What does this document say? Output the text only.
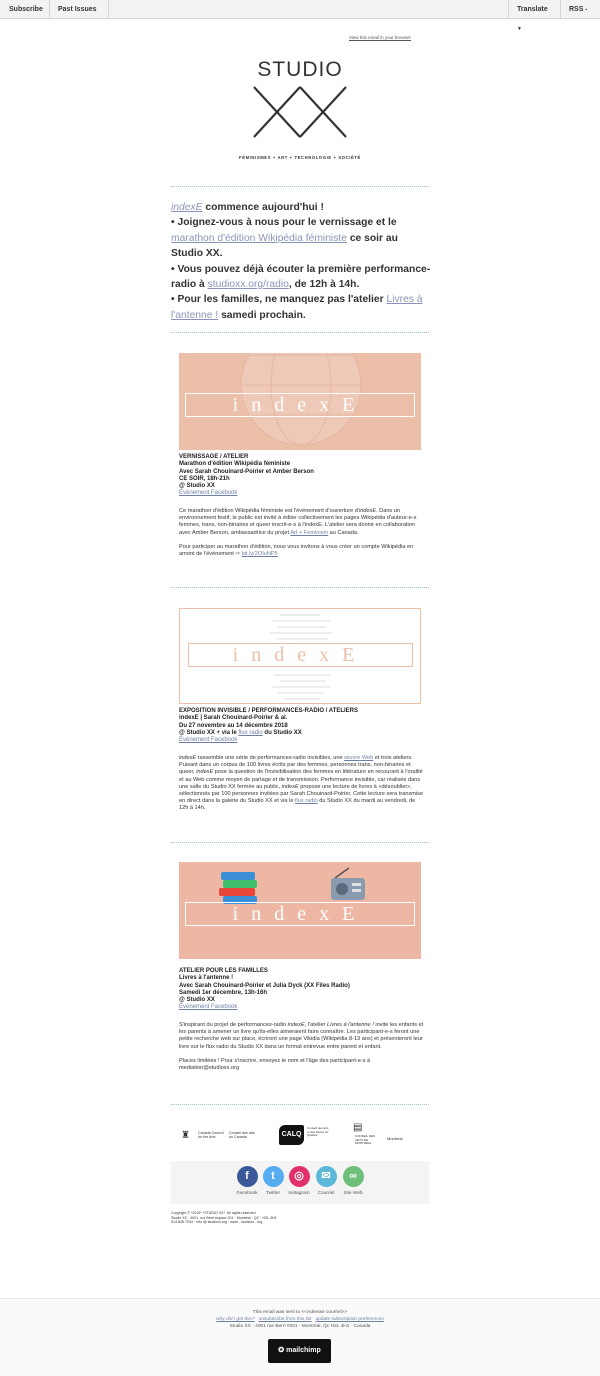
Subscribe	Past Issues	Translate ▼
RSS ▪
View this email in your browser
STUDIO
FÉMINISMES + ART + TECHNOLOGIE + SOCIÉTÉ
indexE commence aujourd'hui !
• Joignez-vous à nous pour le vernissage et le marathon d'édition Wikipédia féministe ce soir au Studio XX.
• Vous pouvez déjà écouter la première performance-radio à studioxx.org/radio, de 12h à 14h.
• Pour les familles, ne manquez pas l'atelier Livres à l'antenne ! samedi prochain.
indexE
VERNISSAGE / ATELIER
Marathon d'édition Wikipédia féministe
Avec Sarah Chouinard-Poirier et Amber Berson
CE SOIR, 18h-21h
@ Studio XX
Événement Facebook

Ce marathon d'édition Wikipédia féministe est l'événement d'ouverture d'indexE. Dans un environnement festif, le public est invité à éditer collectivement les pages Wikipédia d'auteur-e-s femmes, trans, non-binaires et queer inscrit-e-s à l'indexE. L'atelier sera donné en collaboration avec Amber Berson, ambassadrice du projet Art + Feminism au Canada.

Pour participer au marathon d'édition, nous vous invitons à vous créer un compte Wikipédia en amont de l'événement ⇨ bit.ly/2OIuNP5

indexE
EXPOSITION INVISIBLE / PERFORMANCES-RADIO / ATELIERS
indexE | Sarah Chouinard-Poirier & al.
Du 27 novembre au 14 décembre 2018
@ Studio XX + via le flux radio du Studio XX
Événement Facebook

indexE rassemble une série de performances-radio invisibles, une œuvre Web et trois ateliers. Puisant dans un corpus de 100 livres écrits par des femmes, personnes trans, non-binaires et queer, indexE pose la question de l'invisibilisation des femmes en littérature en recourant à l'oralité et au Web comme moyen de partage et de transmission. Performance invisible, car réalisée dans une salle du Studio XX fermée au public, indexE propose une lecture de livres à «désoublier», sélectionnés par 100 personnes invitées par Sarah Chouinard-Poirier. Cette lecture sera transmise en direct dans la galerie du Studio XX et via le flux radio du Studio XX du mardi au vendredi, de 12h à 14h.

indexE
ATELIER POUR LES FAMILLES
Livres à l'antenne !
Avec Sarah Chouinard-Poirier et Julia Dyck (XX Files Radio)
Samedi 1er décembre, 13h-16h
@ Studio XX
Événement Facebook

S'inspirant du projet de performances-radio indexE, l'atelier Livres à l'antenne ! invite les enfants et les parents à amener un livre qu'ils-elles aimeraient faire connaître. Les participant-e-s feront une petite recherche web sur place, écriront une page Vikidia (Wikipédia 8-13 ans) et présenteront leur livre sur le flux radio du Studio XX dans un format entrevue entre parent et enfant.

Places limitées ! Pour s'inscrire, envoyez le nom et l'âge des participant-e-s à mediation@studioxx.org

♜ Canada Council for the Arts
Conseil des arts du Canada	CALQ
Conseil des arts et des lettres du Québec
▤
CONSEIL DES ARTS DE MONTRÉAL
Montréal
f
Facebook
t
Twitter
◎
Instagram
✉
Courriel
∞
Site Web
Copyright © *2018* *STUDIO XX*, All rights reserved.
Studio XX · 4001, rue Berri espace 201 · Montréal · QC · H2L 4H2
514.845.7934 · info @ studioxx.org · www . studioxx . org
This email was sent to <<Adresse courriel>>
why did I get this? unsubscribe from this list update subscription preferences
Studio XX · 4001 rue Berri #201 · Montréal, Qc H2L 4H1 · Canada
✪ mailchimp
